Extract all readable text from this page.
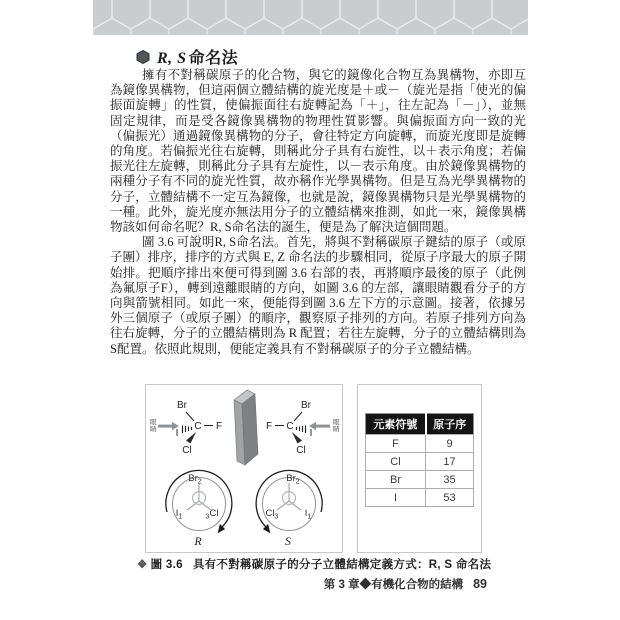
R, S 命名法

擁有不對稱碳原子的化合物，與它的鏡像化合物互為異構物，亦即互為鏡像異構物，但這兩個立體結構的旋光度是＋或－（旋光是指「使光的偏振面旋轉」的性質，使偏振面往右旋轉記為「＋」，往左記為「－」），並無固定規律，而是受各鏡像異構物的物理性質影響。與偏振面方向一致的光（偏振光）通過鏡像異構物的分子，會往特定方向旋轉，而旋光度即是旋轉的角度。若偏振光往右旋轉，則稱此分子具有右旋性，以＋表示角度；若偏振光往左旋轉，則稱此分子具有左旋性，以－表示角度。由於鏡像異構物的兩種分子有不同的旋光性質，故亦稱作光學異構物。但是互為光學異構物的分子，立體結構不一定互為鏡像，也就是說，鏡像異構物只是光學異構物的一種。此外，旋光度亦無法用分子的立體結構來推測，如此一來，鏡像異構物該如何命名呢？R, S命名法的誕生，便是為了解決這個問題。

圖 3.6 可說明R, S命名法。首先，將與不對稱碳原子鍵結的原子（或原子團）排序，排序的方式與 E, Z 命名法的步驟相同，從原子序最大的原子開始排。把順序排出來便可得到圖 3.6 右部的表，再將順序最後的原子（此例為氟原子F），轉到遠離眼睛的方向，如圖 3.6 的左部，讓眼睛觀看分子的方向與箭號相同。如此一來，便能得到圖 3.6 左下方的示意圖。接著，依據另外三個原子（或原子團）的順序，觀察原子排列的方向。若原子排列方向為往右旋轉，分子的立體結構則為 R 配置；若往左旋轉，分子的立體結構則為S配置。依照此規則，便能定義具有不對稱碳原子的分子立體結構。

眼睛	C
Br
F
I
Cl
C
Br
F
I
Cl
眼睛
$Br_2$
$I_1$	$_3$Cl
R
$Br_2$
$Cl_3$	$I_1$
S
元素符號	原子序
F	9
Cl	17
Br	35
I	53
❖ 圖 3.6 具有不對稱碳原子的分子立體結構定義方式：R, S 命名法
第 3 章◆有機化合物的結構 89
